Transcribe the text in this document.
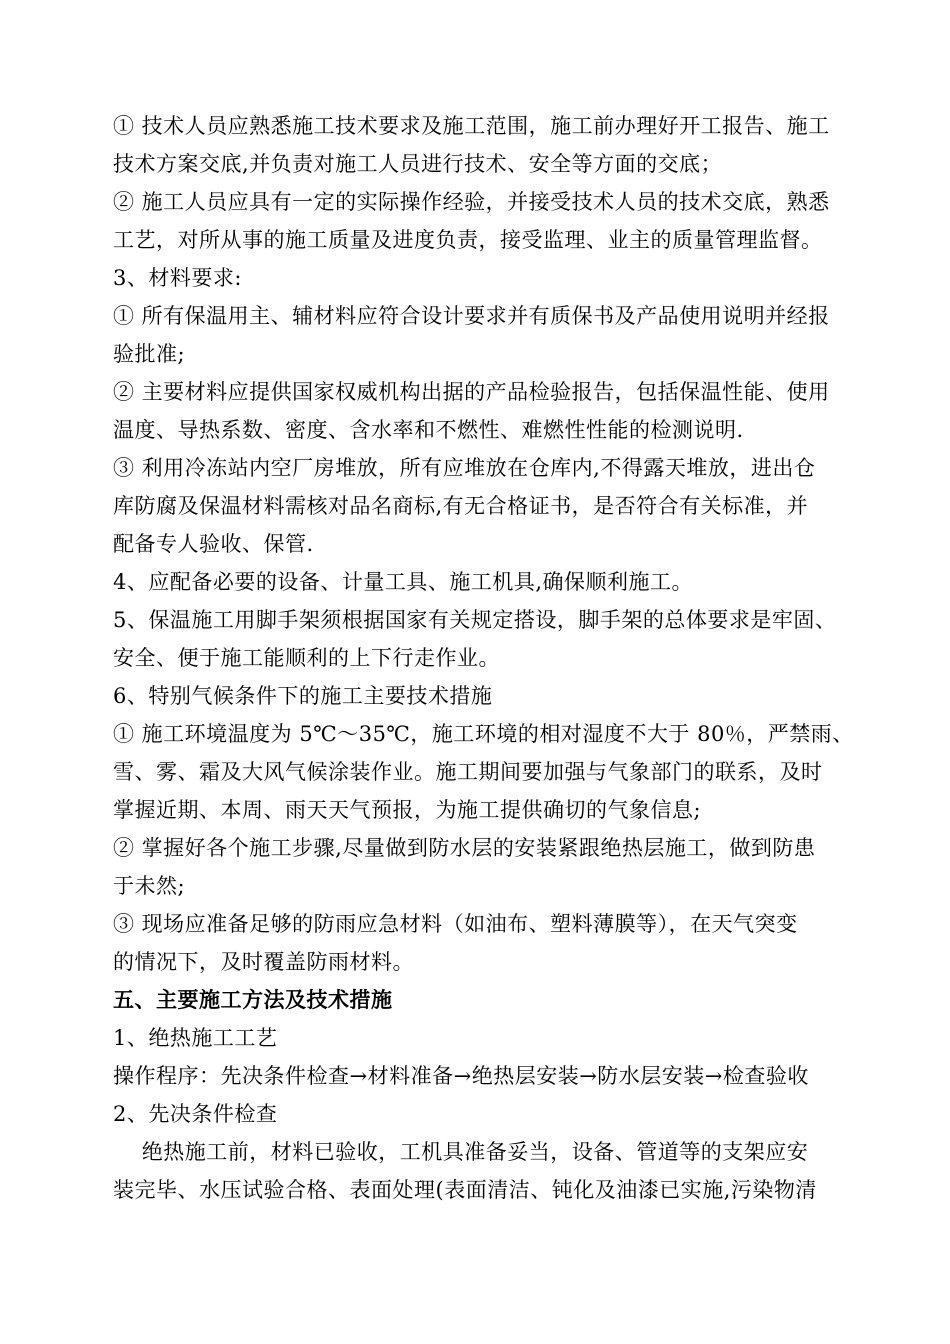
① 技术人员应熟悉施工技术要求及施工范围，施工前办理好开工报告、施工
技术方案交底,并负责对施工人员进行技术、安全等方面的交底；
② 施工人员应具有一定的实际操作经验，并接受技术人员的技术交底，熟悉
工艺，对所从事的施工质量及进度负责，接受监理、业主的质量管理监督。
3、材料要求:
① 所有保温用主、辅材料应符合设计要求并有质保书及产品使用说明并经报
验批准;
② 主要材料应提供国家权威机构出据的产品检验报告，包括保温性能、使用
温度、导热系数、密度、含水率和不燃性、难燃性性能的检测说明.
③ 利用冷冻站内空厂房堆放，所有应堆放在仓库内,不得露天堆放，进出仓
库防腐及保温材料需核对品名商标,有无合格证书，是否符合有关标准，并
配备专人验收、保管.
4、应配备必要的设备、计量工具、施工机具,确保顺利施工。
5、保温施工用脚手架须根据国家有关规定搭设，脚手架的总体要求是牢固、
安全、便于施工能顺利的上下行走作业。
6、特别气候条件下的施工主要技术措施
① 施工环境温度为 5℃～35℃，施工环境的相对湿度不大于 80％，严禁雨、
雪、雾、霜及大风气候涂装作业。施工期间要加强与气象部门的联系，及时
掌握近期、本周、雨天天气预报，为施工提供确切的气象信息;
② 掌握好各个施工步骤,尽量做到防水层的安装紧跟绝热层施工，做到防患
于未然;
③ 现场应准备足够的防雨应急材料（如油布、塑料薄膜等），在天气突变
的情况下，及时覆盖防雨材料。
五、主要施工方法及技术措施
1、绝热施工工艺
操作程序：先决条件检查→材料准备→绝热层安装→防水层安装→检查验收
2、先决条件检查
绝热施工前，材料已验收，工机具准备妥当，设备、管道等的支架应安
装完毕、水压试验合格、表面处理(表面清洁、钝化及油漆已实施,污染物清
